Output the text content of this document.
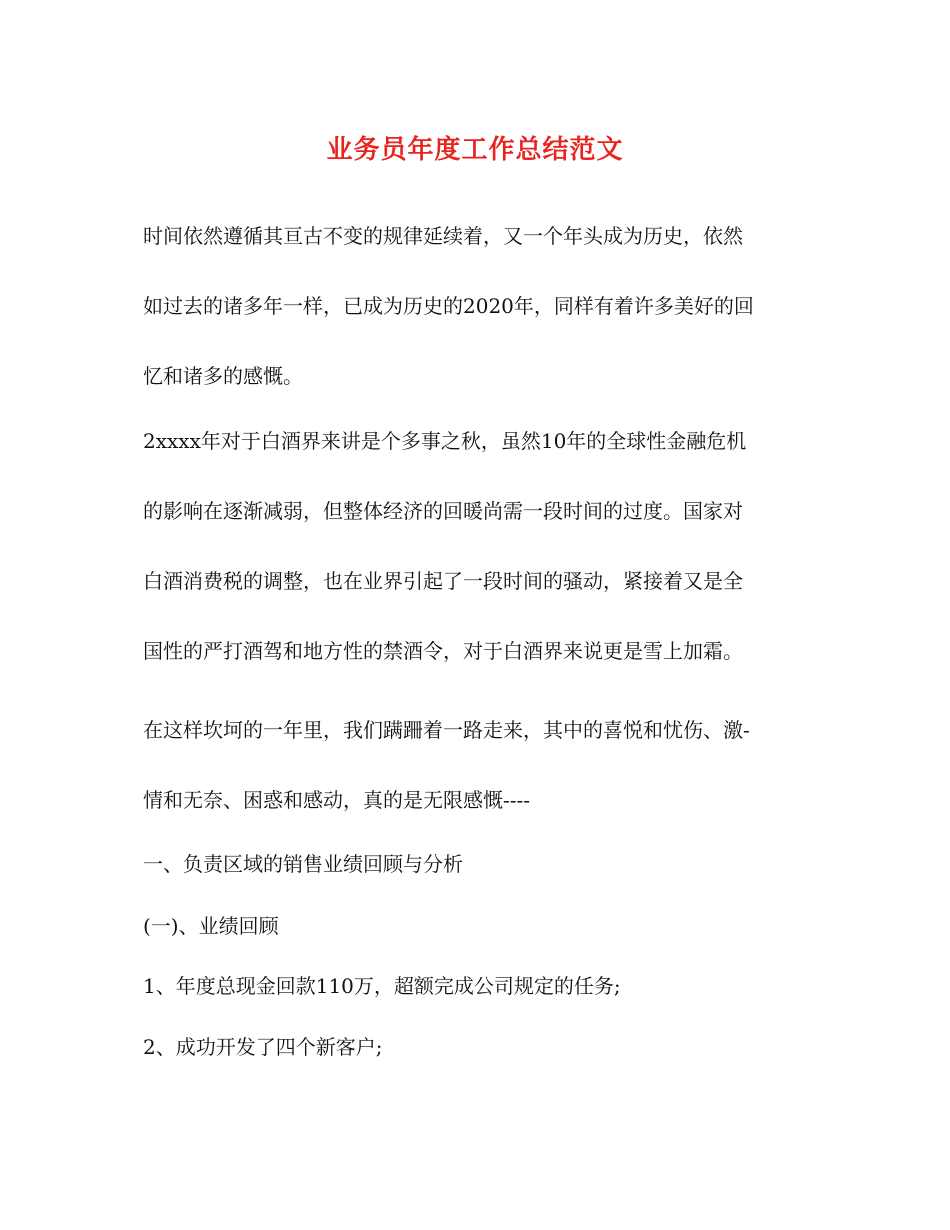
业务员年度工作总结范文
时间依然遵循其亘古不变的规律延续着，又一个年头成为历史，依然
如过去的诸多年一样，已成为历史的2020年，同样有着许多美好的回
忆和诸多的感慨。
2xxxx年对于白酒界来讲是个多事之秋，虽然10年的全球性金融危机
的影响在逐渐减弱，但整体经济的回暖尚需一段时间的过度。国家对
白酒消费税的调整，也在业界引起了一段时间的骚动，紧接着又是全
国性的严打酒驾和地方性的禁酒令，对于白酒界来说更是雪上加霜。
在这样坎坷的一年里，我们蹒跚着一路走来，其中的喜悦和忧伤、激-
情和无奈、困惑和感动，真的是无限感慨----
一、负责区域的销售业绩回顾与分析
(一)、业绩回顾
1、年度总现金回款110万，超额完成公司规定的任务;
2、成功开发了四个新客户;
